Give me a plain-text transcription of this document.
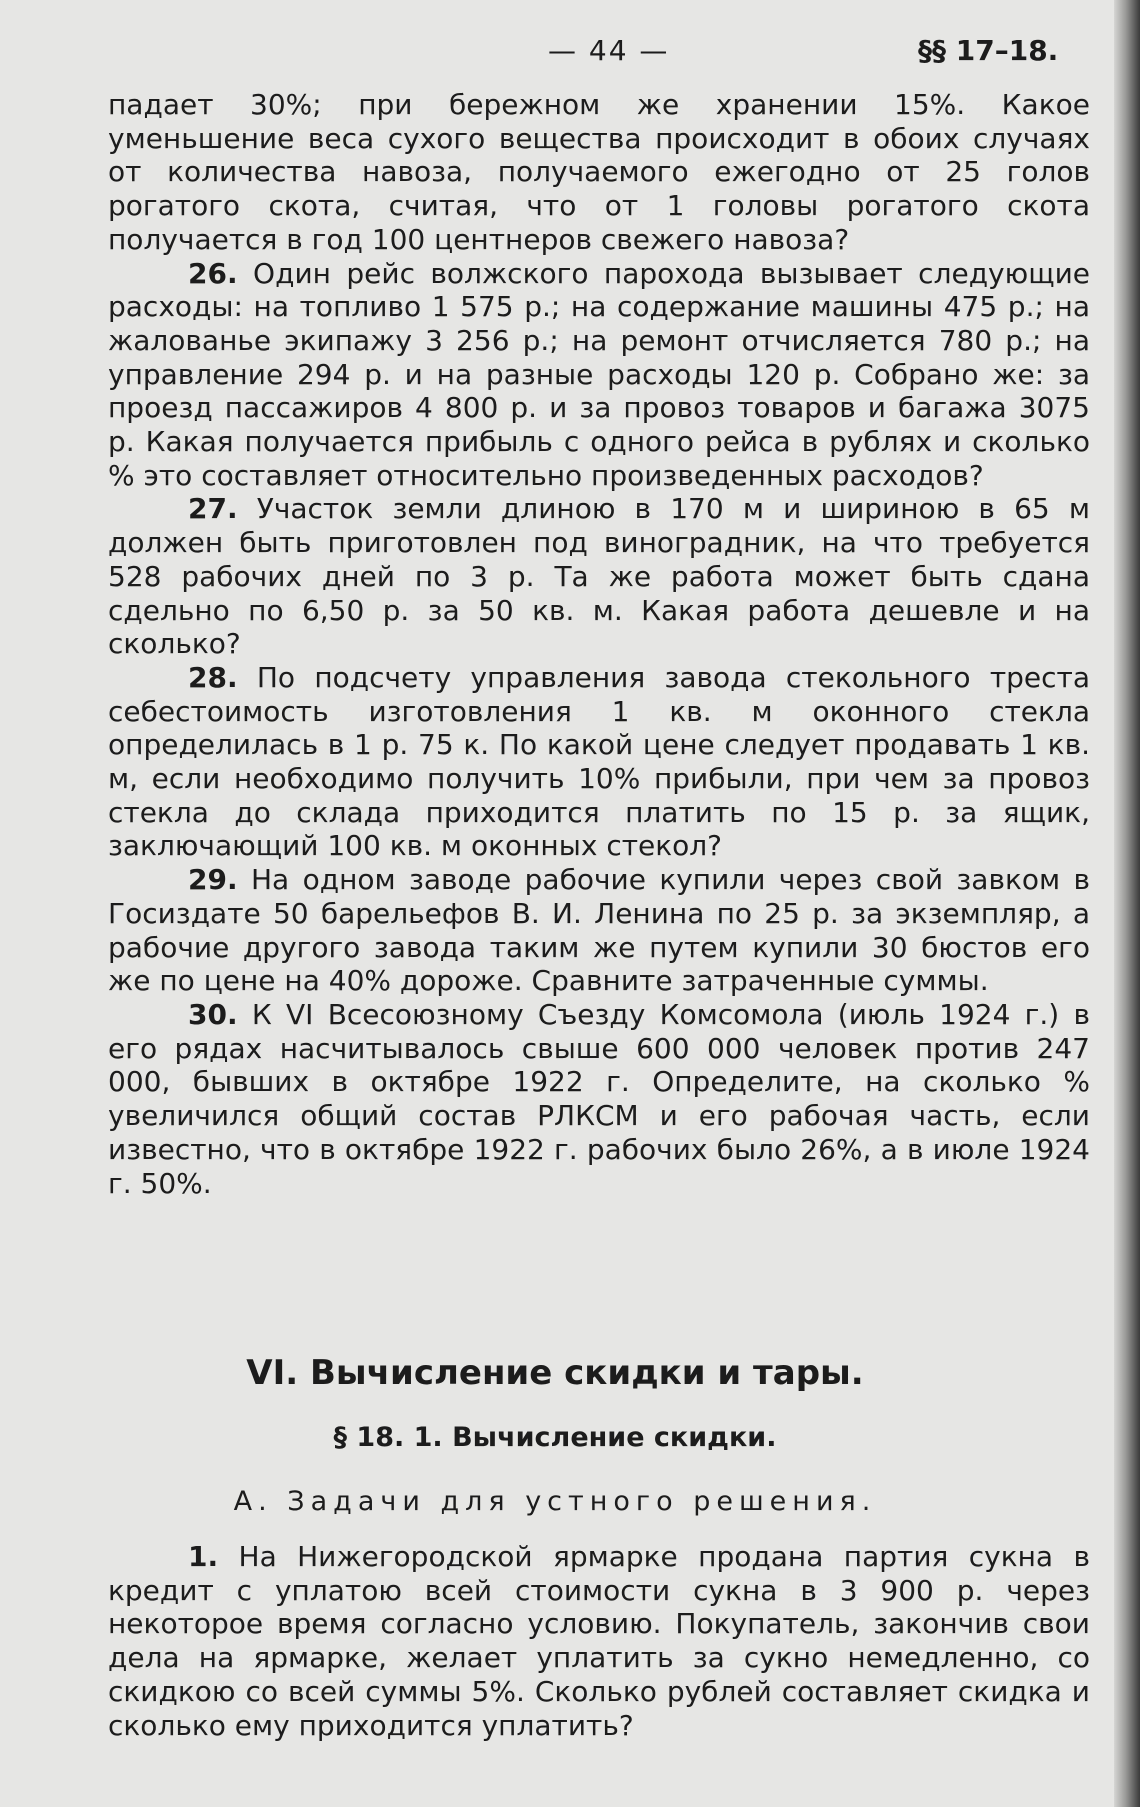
— 44 —	§§ 17–18.

падает 30%; при бережном же хранении 15%. Какое уменьшение веса сухого вещества происходит в обоих случаях от количества навоза, получаемого ежегодно от 25 голов рогатого скота, считая, что от 1 головы рогатого скота получается в год 100 центнеров свежего навоза?

26. Один рейс волжского парохода вызывает следующие расходы: на топливо 1 575 р.; на содержание машины 475 р.; на жалованье экипажу 3 256 р.; на ремонт отчисляется 780 р.; на управление 294 р. и на разные расходы 120 р. Собрано же: за проезд пассажиров 4 800 р. и за провоз товаров и багажа 3075 р. Какая получается прибыль с одного рейса в рублях и сколько % это составляет относительно произведенных расходов?

27. Участок земли длиною в 170 м и шириною в 65 м должен быть приготовлен под виноградник, на что требуется 528 рабочих дней по 3 р. Та же работа может быть сдана сдельно по 6,50 р. за 50 кв. м. Какая работа дешевле и на сколько?

28. По подсчету управления завода стекольного треста себестоимость изготовления 1 кв. м оконного стекла определилась в 1 р. 75 к. По какой цене следует продавать 1 кв. м, если необходимо получить 10% прибыли, при чем за провоз стекла до склада приходится платить по 15 р. за ящик, заключающий 100 кв. м оконных стекол?

29. На одном заводе рабочие купили через свой завком в Госиздате 50 барельефов В. И. Ленина по 25 р. за экземпляр, а рабочие другого завода таким же путем купили 30 бюстов его же по цене на 40% дороже. Сравните затраченные суммы.

30. К VI Всесоюзному Съезду Комсомола (июль 1924 г.) в его рядах насчитывалось свыше 600 000 человек против 247 000, бывших в октябре 1922 г. Определите, на сколько % увеличился общий состав РЛКСМ и его рабочая часть, если известно, что в октябре 1922 г. рабочих было 26%, а в июле 1924 г. 50%.

VI. Вычисление скидки и тары.
§ 18. 1. Вычисление скидки.
А. Задачи для устного решения.

1. На Нижегородской ярмарке продана партия сукна в кредит с уплатою всей стоимости сукна в 3 900 р. через некоторое время согласно условию. Покупатель, закончив свои дела на ярмарке, желает уплатить за сукно немедленно, со скидкою со всей суммы 5%. Сколько рублей составляет скидка и сколько ему приходится уплатить?
